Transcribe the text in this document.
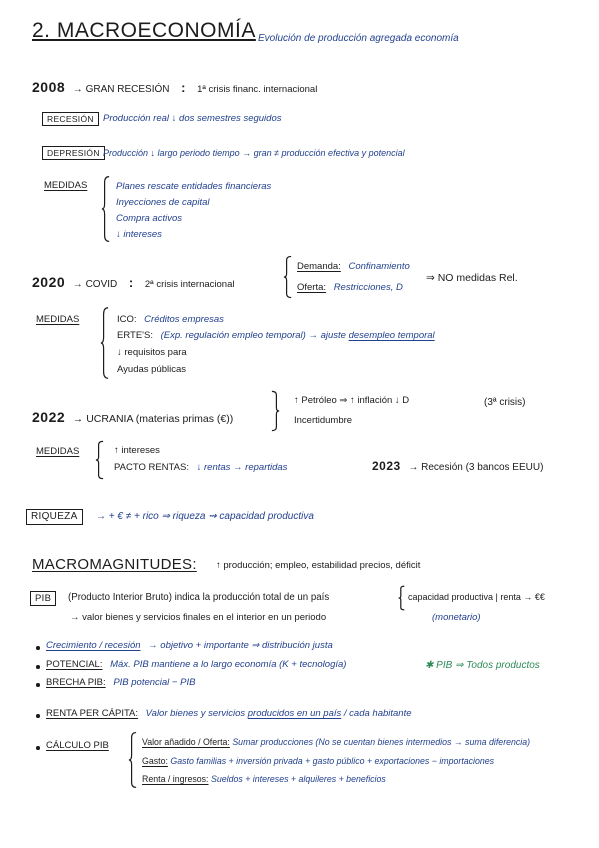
2. MACROECONOMÍA Evolución de producción agregada economía
2008 → GRAN RECESIÓN : 1ª crisis financ. internacional
RECESIÓN Producción real ↓ dos semestres seguidos
DEPRESIÓN Producción ↓ largo periodo tiempo → gran ≠ producción efectiva y potencial
MEDIDAS	Planes rescate entidades financieras
Inyecciones de capital
Compra activos
↓ intereses
2020 → COVID : 2ª crisis internacional
Demanda: Confinamiento
Oferta: Restricciones, D
⇒ NO medidas Rel.
MEDIDAS	ICO: Créditos empresas
ERTE'S: (Exp. regulación empleo temporal) → ajuste desempleo temporal
↓ requisitos para
Ayudas públicas
2022 → UCRANIA (materias primas (€))
↑ Petróleo ⇒ ↑ inflación ↓ D
Incertidumbre
(3ª crisis)
MEDIDAS	↑ intereses
PACTO RENTAS: ↓ rentas → repartidas	2023 → Recesión (3 bancos EEUU)
RIQUEZA	→ + € ≠ + rico ⇒ riqueza ⇝ capacidad productiva
MACROMAGNITUDES: ↑ producción; empleo, estabilidad precios, déficit
PIB	(Producto Interior Bruto) indica la producción total de un país	capacidad productiva | renta → €€
→ valor bienes y servicios finales en el interior en un periodo	(monetario)
Crecimiento / recesión → objetivo + importante ⇒ distribución justa
POTENCIAL: Máx. PIB mantiene a lo largo economía (K + tecnología)	✱ PIB ⇒ Todos productos
BRECHA PIB: PIB potencial − PIB
RENTA PER CÁPITA: Valor bienes y servicios producidos en un país / cada habitante
CÁLCULO PIB	Valor añadido / Oferta: Sumar producciones (No se cuentan bienes intermedios → suma diferencia)
Gasto: Gasto familias + inversión privada + gasto público + exportaciones − importaciones
Renta / ingresos: Sueldos + intereses + alquileres + beneficios
